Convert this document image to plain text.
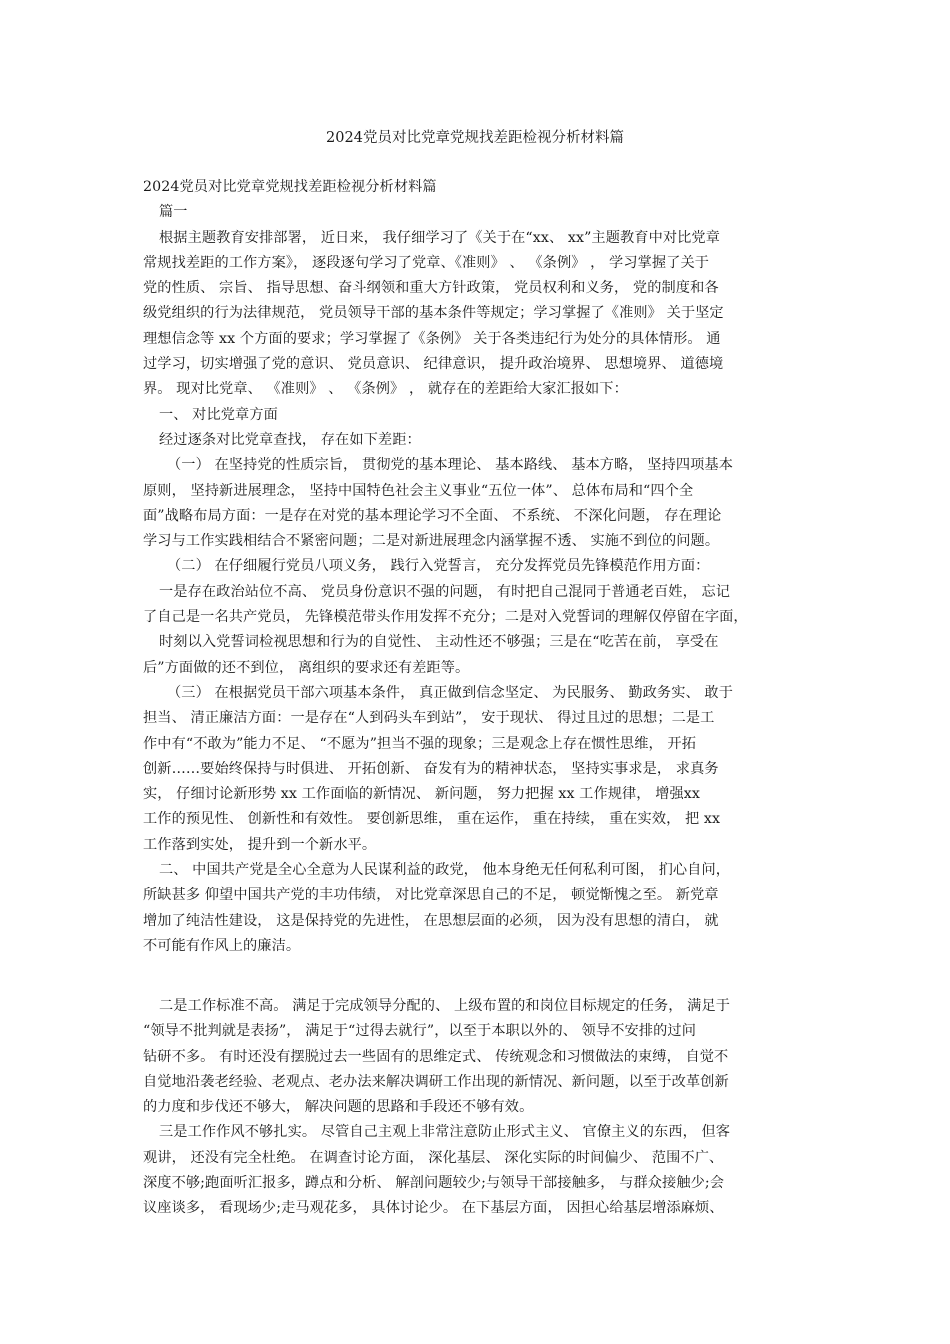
2024党员对比党章党规找差距检视分析材料篇
2024党员对比党章党规找差距检视分析材料篇
篇一
根据主题教育安排部署， 近日来， 我仔细学习了《关于在“xx、 xx”主题教育中对比党章
常规找差距的工作方案》， 逐段逐句学习了党章、《准则》 、 《条例》 ， 学习掌握了关于
党的性质、 宗旨、 指导思想、奋斗纲领和重大方针政策， 党员权利和义务， 党的制度和各
级党组织的行为法律规范， 党员领导干部的基本条件等规定；学习掌握了《准则》 关于坚定
理想信念等 xx 个方面的要求；学习掌握了《条例》 关于各类违纪行为处分的具体情形。 通
过学习，切实增强了党的意识、 党员意识、 纪律意识， 提升政治境界、 思想境界、 道德境
界。 现对比党章、 《准则》 、 《条例》 ， 就存在的差距给大家汇报如下：
一、 对比党章方面
经过逐条对比党章查找， 存在如下差距：
（一） 在坚持党的性质宗旨， 贯彻党的基本理论、 基本路线、 基本方略， 坚持四项基本
原则， 坚持新进展理念， 坚持中国特色社会主义事业“五位一体”、 总体布局和“四个全
面”战略布局方面：一是存在对党的基本理论学习不全面、 不系统、 不深化问题， 存在理论
学习与工作实践相结合不紧密问题；二是对新进展理念内涵掌握不透、 实施不到位的问题。
（二） 在仔细履行党员八项义务， 践行入党誓言， 充分发挥党员先锋模范作用方面：
一是存在政治站位不高、 党员身份意识不强的问题， 有时把自己混同于普通老百姓， 忘记
了自己是一名共产党员， 先锋模范带头作用发挥不充分；二是对入党誓词的理解仅停留在字面，
时刻以入党誓词检视思想和行为的自觉性、 主动性还不够强；三是在“吃苦在前， 享受在
后”方面做的还不到位， 离组织的要求还有差距等。
（三） 在根据党员干部六项基本条件， 真正做到信念坚定、 为民服务、 勤政务实、 敢于
担当、 清正廉洁方面：一是存在“人到码头车到站”， 安于现状、 得过且过的思想；二是工
作中有“不敢为”能力不足、 “不愿为”担当不强的现象；三是观念上存在惯性思维， 开拓
创新……要始终保持与时俱进、 开拓创新、 奋发有为的精神状态， 坚持实事求是， 求真务
实， 仔细讨论新形势 xx 工作面临的新情况、 新问题， 努力把握 xx 工作规律， 增强xx
工作的预见性、 创新性和有效性。 要创新思维， 重在运作， 重在持续， 重在实效， 把 xx
工作落到实处， 提升到一个新水平。
二、 中国共产党是全心全意为人民谋利益的政党， 他本身绝无任何私利可图， 扪心自问，
所缺甚多 仰望中国共产党的丰功伟绩， 对比党章深思自己的不足， 顿觉惭愧之至。 新党章
增加了纯洁性建设， 这是保持党的先进性， 在思想层面的必须， 因为没有思想的清白， 就
不可能有作风上的廉洁。
二是工作标准不高。 满足于完成领导分配的、 上级布置的和岗位目标规定的任务， 满足于
“领导不批判就是表扬”， 满足于“过得去就行”，以至于本职以外的、 领导不安排的过问
钻研不多。 有时还没有摆脱过去一些固有的思维定式、 传统观念和习惯做法的束缚， 自觉不
自觉地沿袭老经验、老观点、老办法来解决调研工作出现的新情况、新问题，以至于改革创新
的力度和步伐还不够大， 解决问题的思路和手段还不够有效。
三是工作作风不够扎实。 尽管自己主观上非常注意防止形式主义、 官僚主义的东西， 但客
观讲， 还没有完全杜绝。 在调查讨论方面， 深化基层、 深化实际的时间偏少、 范围不广、
深度不够;跑面听汇报多，蹲点和分析、 解剖问题较少;与领导干部接触多， 与群众接触少;会
议座谈多， 看现场少;走马观花多， 具体讨论少。 在下基层方面， 因担心给基层增添麻烦、
